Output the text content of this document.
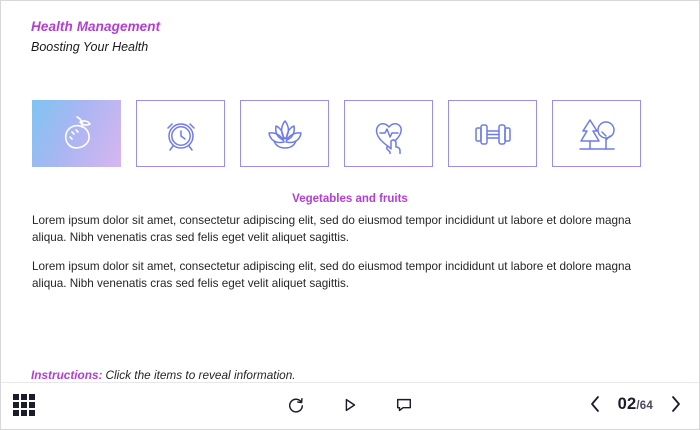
Health Management
Boosting Your Health
Vegetables and fruits

Lorem ipsum dolor sit amet, consectetur adipiscing elit, sed do eiusmod tempor incididunt ut labore et dolore magna aliqua. Nibh venenatis cras sed felis eget velit aliquet sagittis.

Lorem ipsum dolor sit amet, consectetur adipiscing elit, sed do eiusmod tempor incididunt ut labore et dolore magna aliqua. Nibh venenatis cras sed felis eget velit aliquet sagittis.

Instructions: Click the items to reveal information.
02/64
